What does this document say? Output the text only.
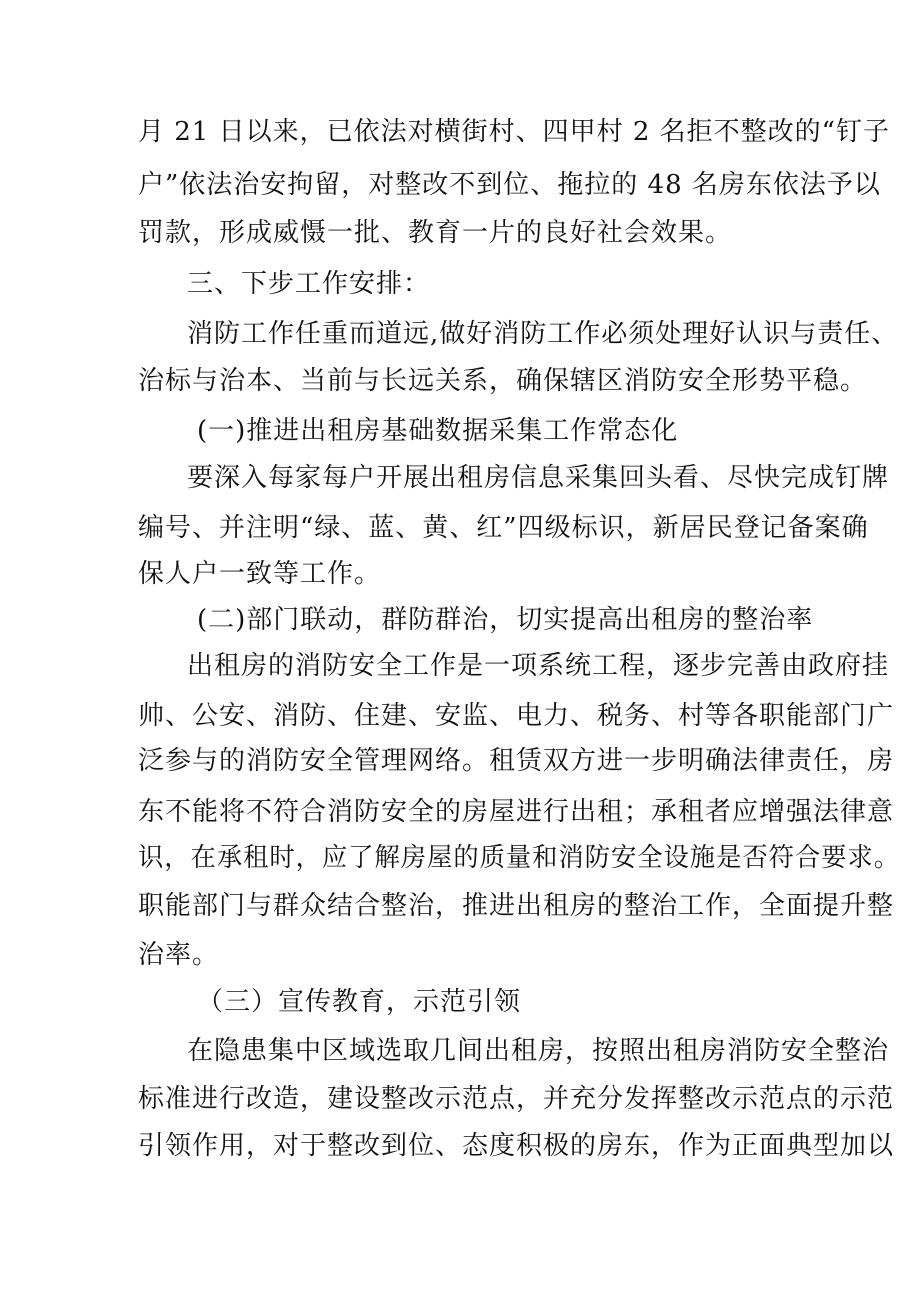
月 21 日以来，已依法对横街村、四甲村 2 名拒不整改的“钉子
户”依法治安拘留，对整改不到位、拖拉的 48 名房东依法予以
罚款，形成威慑一批、教育一片的良好社会效果。
三、下步工作安排：
消防工作任重而道远,做好消防工作必须处理好认识与责任、
治标与治本、当前与长远关系，确保辖区消防安全形势平稳。
(一)推进出租房基础数据采集工作常态化
要深入每家每户开展出租房信息采集回头看、尽快完成钉牌
编号、并注明“绿、蓝、黄、红”四级标识，新居民登记备案确
保人户一致等工作。
(二)部门联动，群防群治，切实提高出租房的整治率
出租房的消防安全工作是一项系统工程，逐步完善由政府挂
帅、公安、消防、住建、安监、电力、税务、村等各职能部门广
泛参与的消防安全管理网络。租赁双方进一步明确法律责任，房
东不能将不符合消防安全的房屋进行出租；承租者应增强法律意
识，在承租时，应了解房屋的质量和消防安全设施是否符合要求。
职能部门与群众结合整治，推进出租房的整治工作，全面提升整
治率。
（三）宣传教育，示范引领
在隐患集中区域选取几间出租房，按照出租房消防安全整治
标准进行改造，建设整改示范点，并充分发挥整改示范点的示范
引领作用，对于整改到位、态度积极的房东，作为正面典型加以
